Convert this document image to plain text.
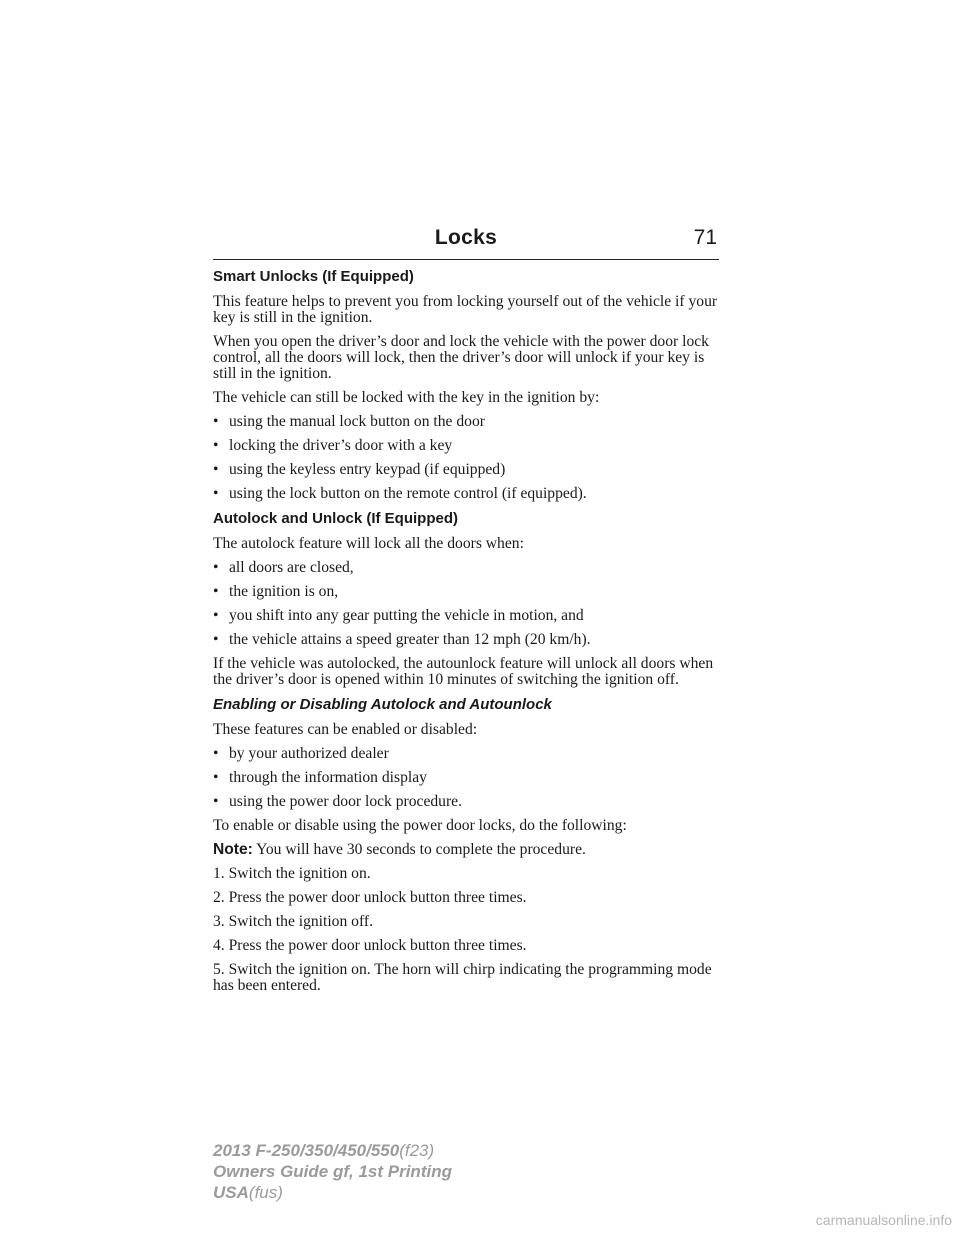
Locks	71
Smart Unlocks (If Equipped)

This feature helps to prevent you from locking yourself out of the vehicle if your key is still in the ignition.

When you open the driver’s door and lock the vehicle with the power door lock control, all the doors will lock, then the driver’s door will unlock if your key is still in the ignition.

The vehicle can still be locked with the key in the ignition by:

• using the manual lock button on the door
• locking the driver’s door with a key
• using the keyless entry keypad (if equipped)
• using the lock button on the remote control (if equipped).
Autolock and Unlock (If Equipped)

The autolock feature will lock all the doors when:

• all doors are closed,
• the ignition is on,
• you shift into any gear putting the vehicle in motion, and
• the vehicle attains a speed greater than 12 mph (20 km/h).

If the vehicle was autolocked, the autounlock feature will unlock all doors when the driver’s door is opened within 10 minutes of switching the ignition off.

Enabling or Disabling Autolock and Autounlock

These features can be enabled or disabled:

• by your authorized dealer
• through the information display
• using the power door lock procedure.

To enable or disable using the power door locks, do the following:

Note: You will have 30 seconds to complete the procedure.

1. Switch the ignition on.

2. Press the power door unlock button three times.

3. Switch the ignition off.

4. Press the power door unlock button three times.

5. Switch the ignition on. The horn will chirp indicating the programming mode has been entered.

2013 F-250/350/450/550(f23)
Owners Guide gf, 1st Printing
USA(fus)
carmanualsonline.info
